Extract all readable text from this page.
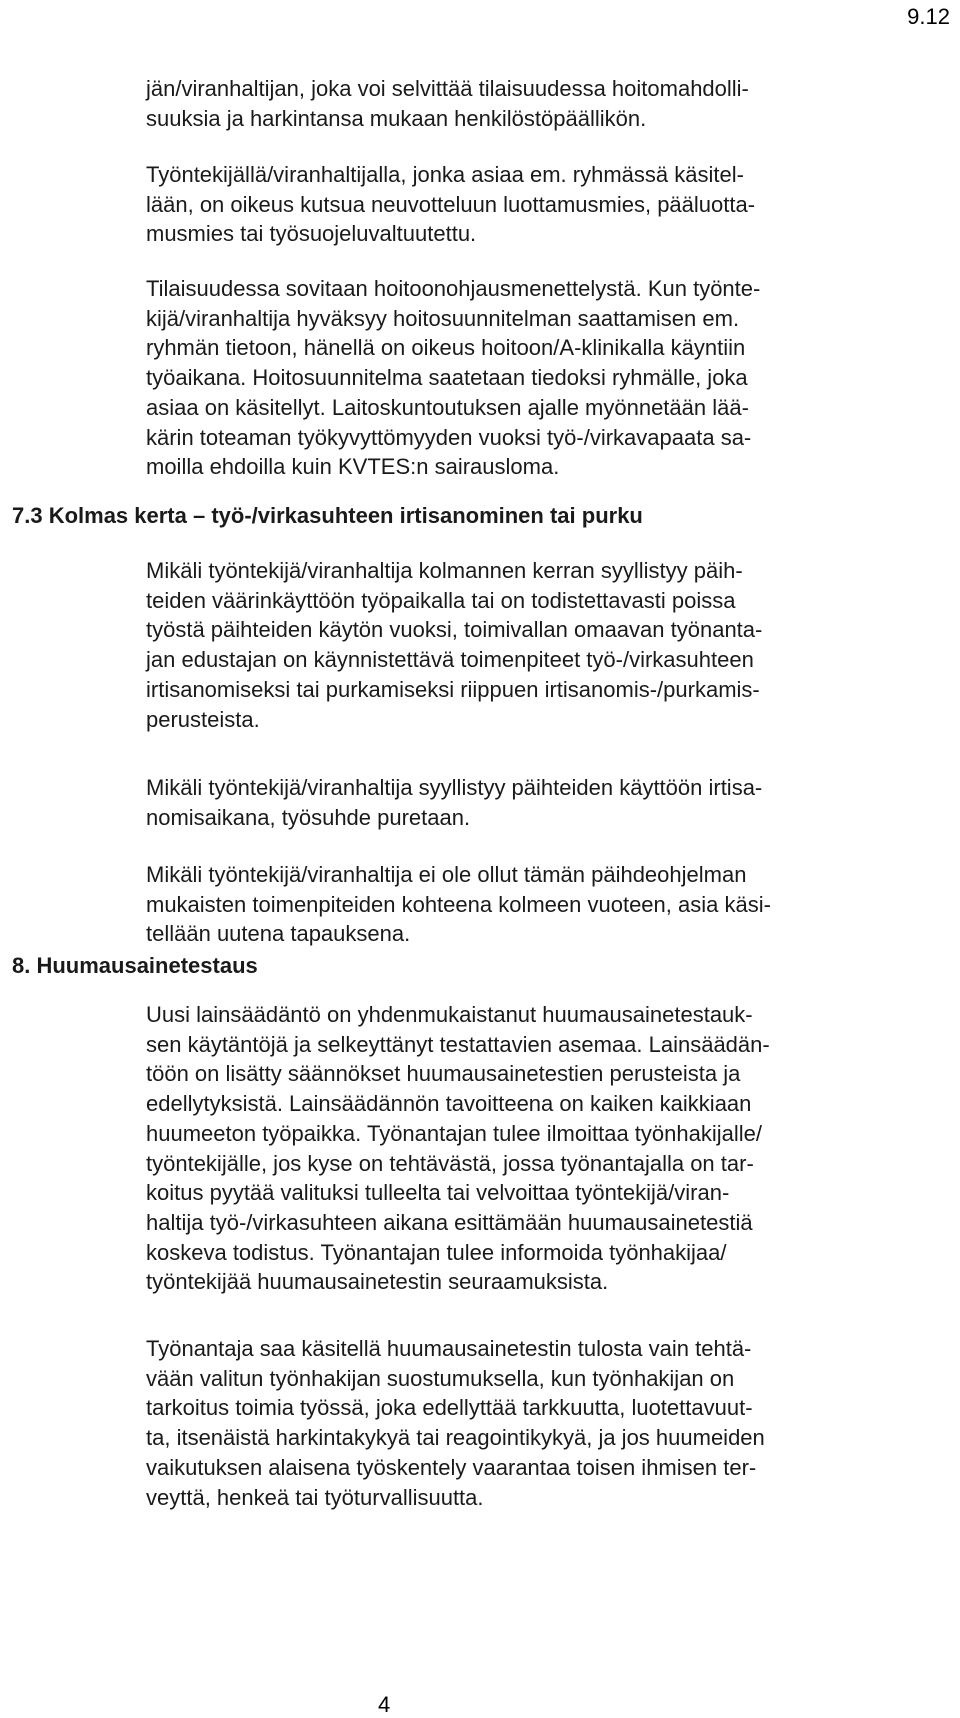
9.12
jän/viranhaltijan, joka voi selvittää tilaisuudessa hoitomahdolli-
suuksia ja harkintansa mukaan henkilöstöpäällikön.
Työntekijällä/viranhaltijalla, jonka asiaa em. ryhmässä käsitel-
lään, on oikeus kutsua neuvotteluun luottamusmies, pääluotta-
musmies tai työsuojeluvaltuutettu.
Tilaisuudessa sovitaan hoitoonohjausmenettelystä. Kun työnte-
kijä/viranhaltija hyväksyy hoitosuunnitelman saattamisen em.
ryhmän tietoon, hänellä on oikeus hoitoon/A-klinikalla käyntiin
työaikana. Hoitosuunnitelma saatetaan tiedoksi ryhmälle, joka
asiaa on käsitellyt. Laitoskuntoutuksen ajalle myönnetään lää-
kärin toteaman työkyvyttömyyden vuoksi työ-/virkavapaata sa-
moilla ehdoilla kuin KVTES:n sairausloma.
7.3 Kolmas kerta – työ-/virkasuhteen irtisanominen tai purku
Mikäli työntekijä/viranhaltija kolmannen kerran syyllistyy päih-
teiden väärinkäyttöön työpaikalla tai on todistettavasti poissa
työstä päihteiden käytön vuoksi, toimivallan omaavan työnanta-
jan edustajan on käynnistettävä toimenpiteet työ-/virkasuhteen
irtisanomiseksi tai purkamiseksi riippuen irtisanomis-/purkamis-
perusteista.
Mikäli työntekijä/viranhaltija syyllistyy päihteiden käyttöön irtisa-
nomisaikana, työsuhde puretaan.
Mikäli työntekijä/viranhaltija ei ole ollut tämän päihdeohjelman
mukaisten toimenpiteiden kohteena kolmeen vuoteen, asia käsi-
tellään uutena tapauksena.
8. Huumausainetestaus
Uusi lainsäädäntö on yhdenmukaistanut huumausainetestauk-
sen käytäntöjä ja selkeyttänyt testattavien asemaa. Lainsäädän-
töön on lisätty säännökset huumausainetestien perusteista ja
edellytyksistä. Lainsäädännön tavoitteena on kaiken kaikkiaan
huumeeton työpaikka. Työnantajan tulee ilmoittaa työnhakijalle/
työntekijälle, jos kyse on tehtävästä, jossa työnantajalla on tar-
koitus pyytää valituksi tulleelta tai velvoittaa työntekijä/viran-
haltija työ-/virkasuhteen aikana esittämään huumausainetestiä
koskeva todistus. Työnantajan tulee informoida työnhakijaa/
työntekijää huumausainetestin seuraamuksista.
Työnantaja saa käsitellä huumausainetestin tulosta vain tehtä-
vään valitun työnhakijan suostumuksella, kun työnhakijan on
tarkoitus toimia työssä, joka edellyttää tarkkuutta, luotettavuut-
ta, itsenäistä harkintakykyä tai reagointikykyä, ja jos huumeiden
vaikutuksen alaisena työskentely vaarantaa toisen ihmisen ter-
veyttä, henkeä tai työturvallisuutta.
4
